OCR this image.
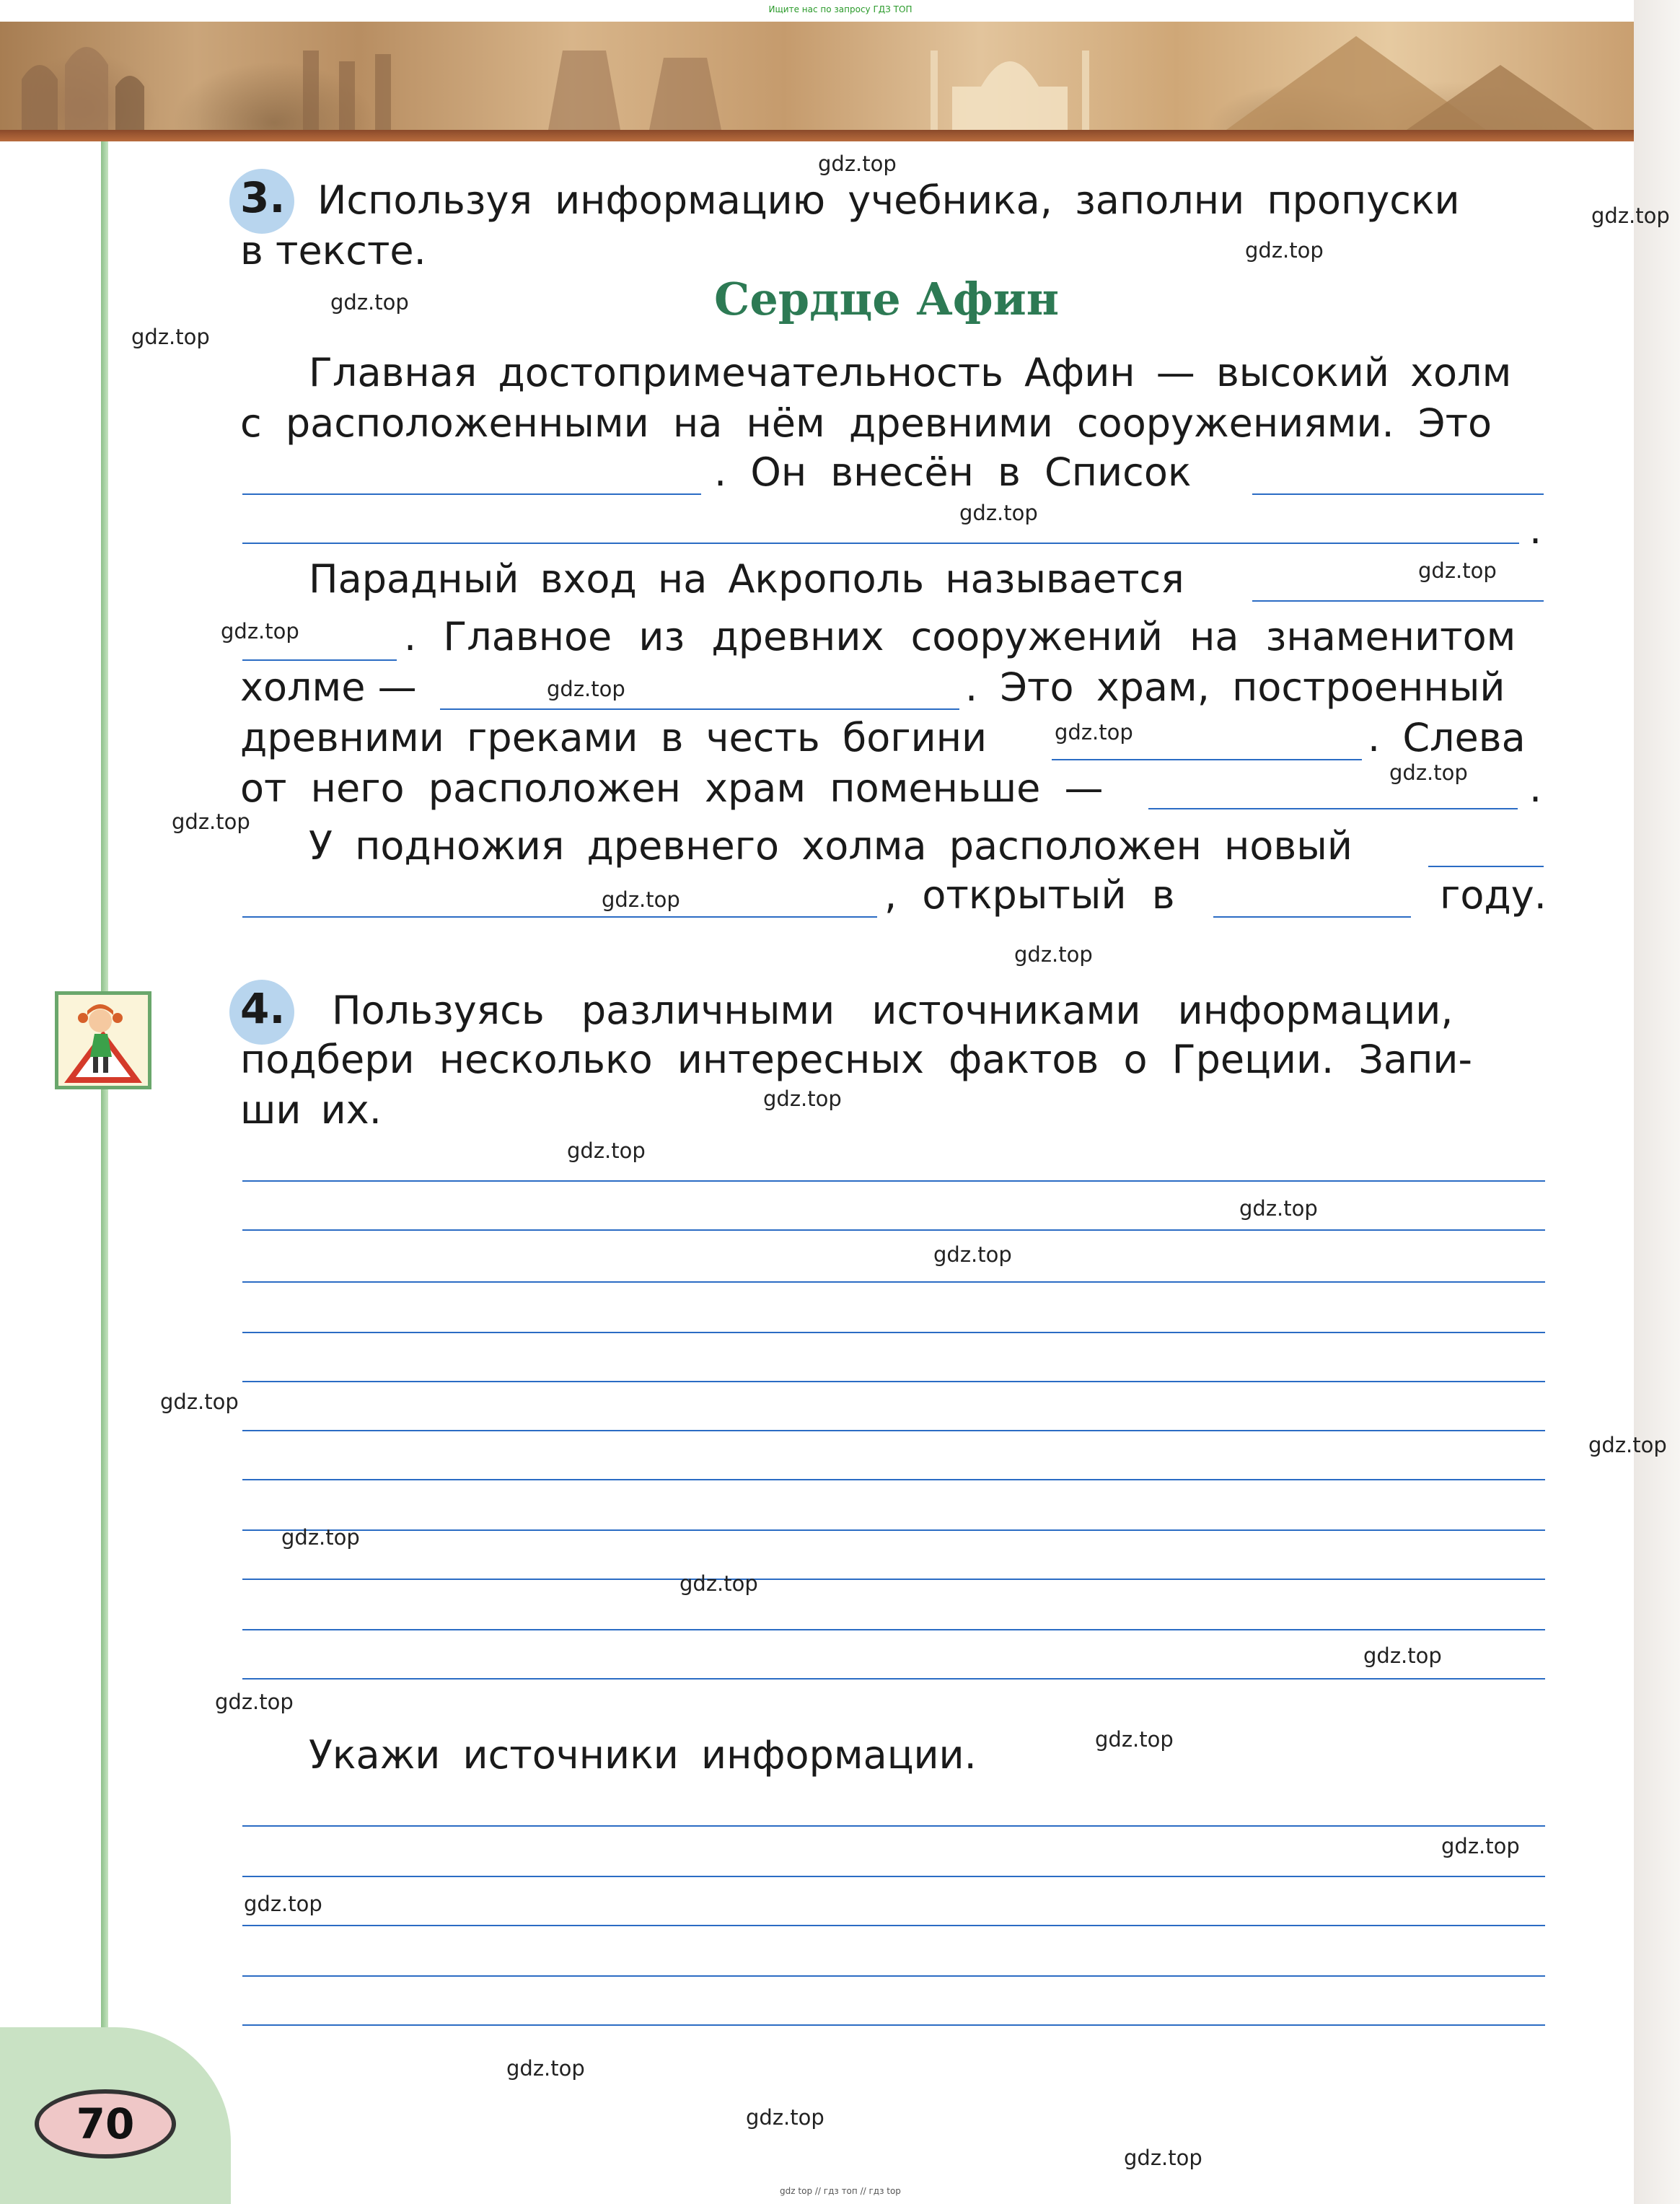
Ищите нас по запросу ГДЗ ТОП
3. Используя информацию учебника, заполни пропуски
в тексте.
Сердце Афин
Главная достопримечательность Афин — высокий холм
с расположенными на нём древними сооружениями. Это
. Он внесён в Список
.
Парадный вход на Акрополь называется
. Главное из древних сооружений на знаменитом
холме —	. Это храм, построенный
древними греками в честь богини	. Слева
от него расположен храм поменьше —	.
У подножия древнего холма расположен новый
, открытый в	году.
4. Пользуясь различными источниками информации,
подбери несколько интересных фактов о Греции. Запи-
ши их.
Укажи источники информации.
70
gdz.top
gdz.top
gdz.top
gdz.top
gdz.top
gdz.top
gdz.top
gdz.top
gdz.top
gdz.top
gdz.top
gdz.top
gdz.top
gdz.top
gdz.top
gdz.top
gdz.top
gdz.top
gdz.top
gdz.top
gdz.top
gdz.top
gdz.top
gdz.top
gdz.top
gdz.top
gdz.top
gdz.top
gdz.top
gdz.top
gdz top // гдз топ // гдз top
